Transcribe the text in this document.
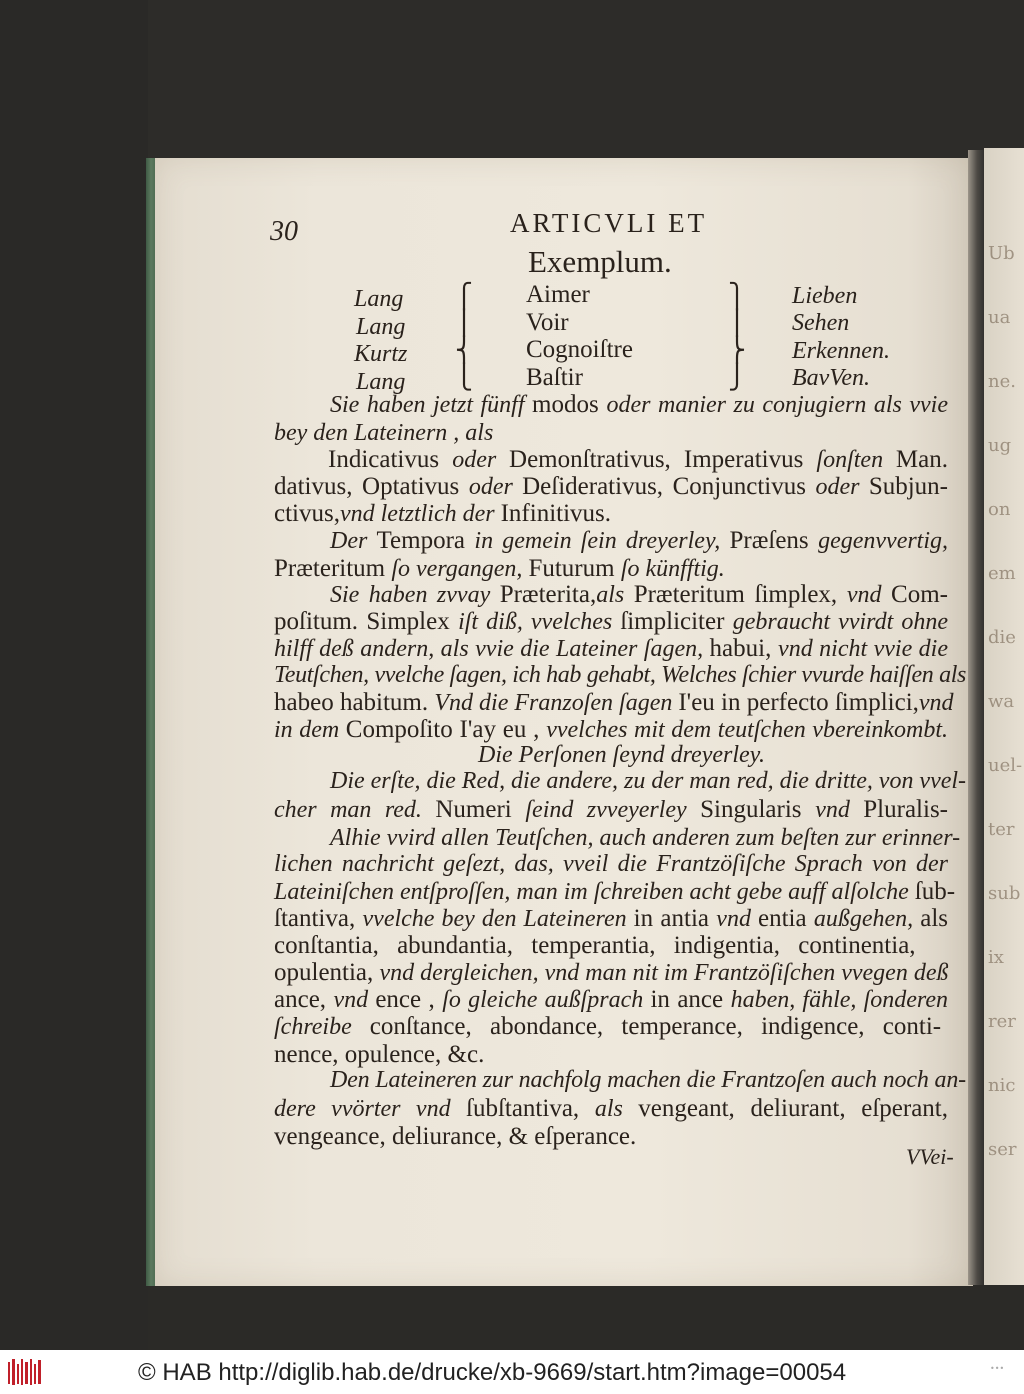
Ub
ua
ne.
ug
on
em
die
wa
uel-
ter
sub
ix
rer
nic
ser
30	ARTICVLI ET
Exemplum.
Lang
Lang
Kurtz
Lang
⎧
⎪
⎨
⎩
Aimer
Voir
Cognoiſtre
Baſtir
⎫
⎪
⎬
⎭
Lieben
Sehen
Erkennen.
BavVen.
Sie haben jetzt fünff modos oder manier zu conjugiern als vvie
bey den Lateinern , als
Indicativus oder Demonſtrativus, Imperativus ſonſten Man.
dativus, Optativus oder Deſiderativus, Conjunctivus oder Subjun-
ctivus,vnd letztlich der Infinitivus.
Der Tempora in gemein ſein dreyerley, Præſens gegenvvertig,
Præteritum ſo vergangen, Futurum ſo künfftig.
Sie haben zvvay Præterita,als Præteritum ſimplex, vnd Com-
poſitum. Simplex iſt diß, vvelches ſimpliciter gebraucht vvirdt ohne
hilff deß andern, als vvie die Lateiner ſagen, habui, vnd nicht vvie die
Teutſchen, vvelche ſagen, ich hab gehabt, Welches ſchier vvurde haiſſen als
habeo habitum. Vnd die Franzoſen ſagen I'eu in perfecto ſimplici,vnd
in dem Compoſito I'ay eu , vvelches mit dem teutſchen vbereinkombt.
Die Perſonen ſeynd dreyerley.
Die erſte, die Red, die andere, zu der man red, die dritte, von vvel-
cher man red. Numeri ſeind zvveyerley Singularis vnd Pluralis-
Alhie vvird allen Teutſchen, auch anderen zum beſten zur erinner-
lichen nachricht geſezt, das, vveil die Frantzöſiſche Sprach von der
Lateiniſchen entſproſſen, man im ſchreiben acht gebe auff alſolche ſub-
ſtantiva, vvelche bey den Lateineren in antia vnd entia außgehen, als
conſtantia, abundantia, temperantia, indigentia, continentia,
opulentia, vnd dergleichen, vnd man nit im Frantzöſiſchen vvegen deß
ance, vnd ence , ſo gleiche außſprach in ance haben, fähle, ſonderen
ſchreibe conſtance, abondance, temperance, indigence, conti-
nence, opulence, &c.
Den Lateineren zur nachfolg machen die Frantzoſen auch noch an-
dere vvörter vnd ſubſtantiva, als vengeant, deliurant, eſperant,
vengeance, deliurance, & eſperance.
VVei-
© HAB http://diglib.hab.de/drucke/xb-9669/start.htm?image=00054	•••
